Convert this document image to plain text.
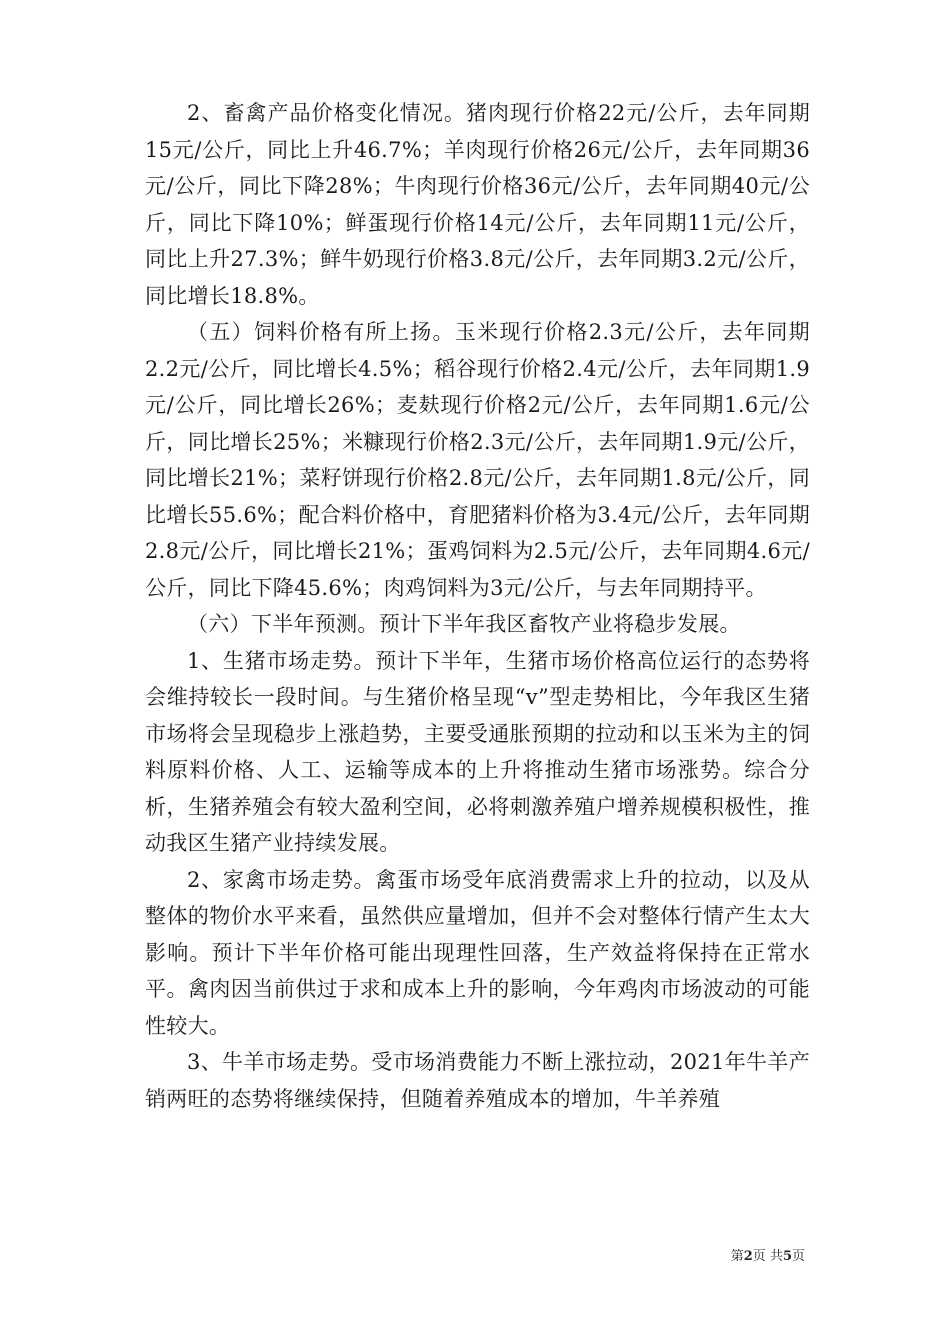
2、畜禽产品价格变化情况。猪肉现行价格22元/公斤，去年同期15元/公斤，同比上升46.7%；羊肉现行价格26元/公斤，去年同期36元/公斤，同比下降28%；牛肉现行价格36元/公斤，去年同期40元/公斤，同比下降10%；鲜蛋现行价格14元/公斤，去年同期11元/公斤，同比上升27.3%；鲜牛奶现行价格3.8元/公斤，去年同期3.2元/公斤，同比增长18.8%。

（五）饲料价格有所上扬。玉米现行价格2.3元/公斤，去年同期2.2元/公斤，同比增长4.5%；稻谷现行价格2.4元/公斤，去年同期1.9元/公斤，同比增长26%；麦麸现行价格2元/公斤，去年同期1.6元/公斤，同比增长25%；米糠现行价格2.3元/公斤，去年同期1.9元/公斤，同比增长21%；菜籽饼现行价格2.8元/公斤，去年同期1.8元/公斤，同比增长55.6%；配合料价格中，育肥猪料价格为3.4元/公斤，去年同期2.8元/公斤，同比增长21%；蛋鸡饲料为2.5元/公斤，去年同期4.6元/公斤，同比下降45.6%；肉鸡饲料为3元/公斤，与去年同期持平。

（六）下半年预测。预计下半年我区畜牧产业将稳步发展。

1、生猪市场走势。预计下半年，生猪市场价格高位运行的态势将会维持较长一段时间。与生猪价格呈现“v”型走势相比，今年我区生猪市场将会呈现稳步上涨趋势，主要受通胀预期的拉动和以玉米为主的饲料原料价格、人工、运输等成本的上升将推动生猪市场涨势。综合分析，生猪养殖会有较大盈利空间，必将刺激养殖户增养规模积极性，推动我区生猪产业持续发展。

2、家禽市场走势。禽蛋市场受年底消费需求上升的拉动，以及从整体的物价水平来看，虽然供应量增加，但并不会对整体行情产生太大影响。预计下半年价格可能出现理性回落，生产效益将保持在正常水平。禽肉因当前供过于求和成本上升的影响，今年鸡肉市场波动的可能性较大。

3、牛羊市场走势。受市场消费能力不断上涨拉动，2021年牛羊产销两旺的态势将继续保持，但随着养殖成本的增加，牛羊养殖

第2页 共5页
